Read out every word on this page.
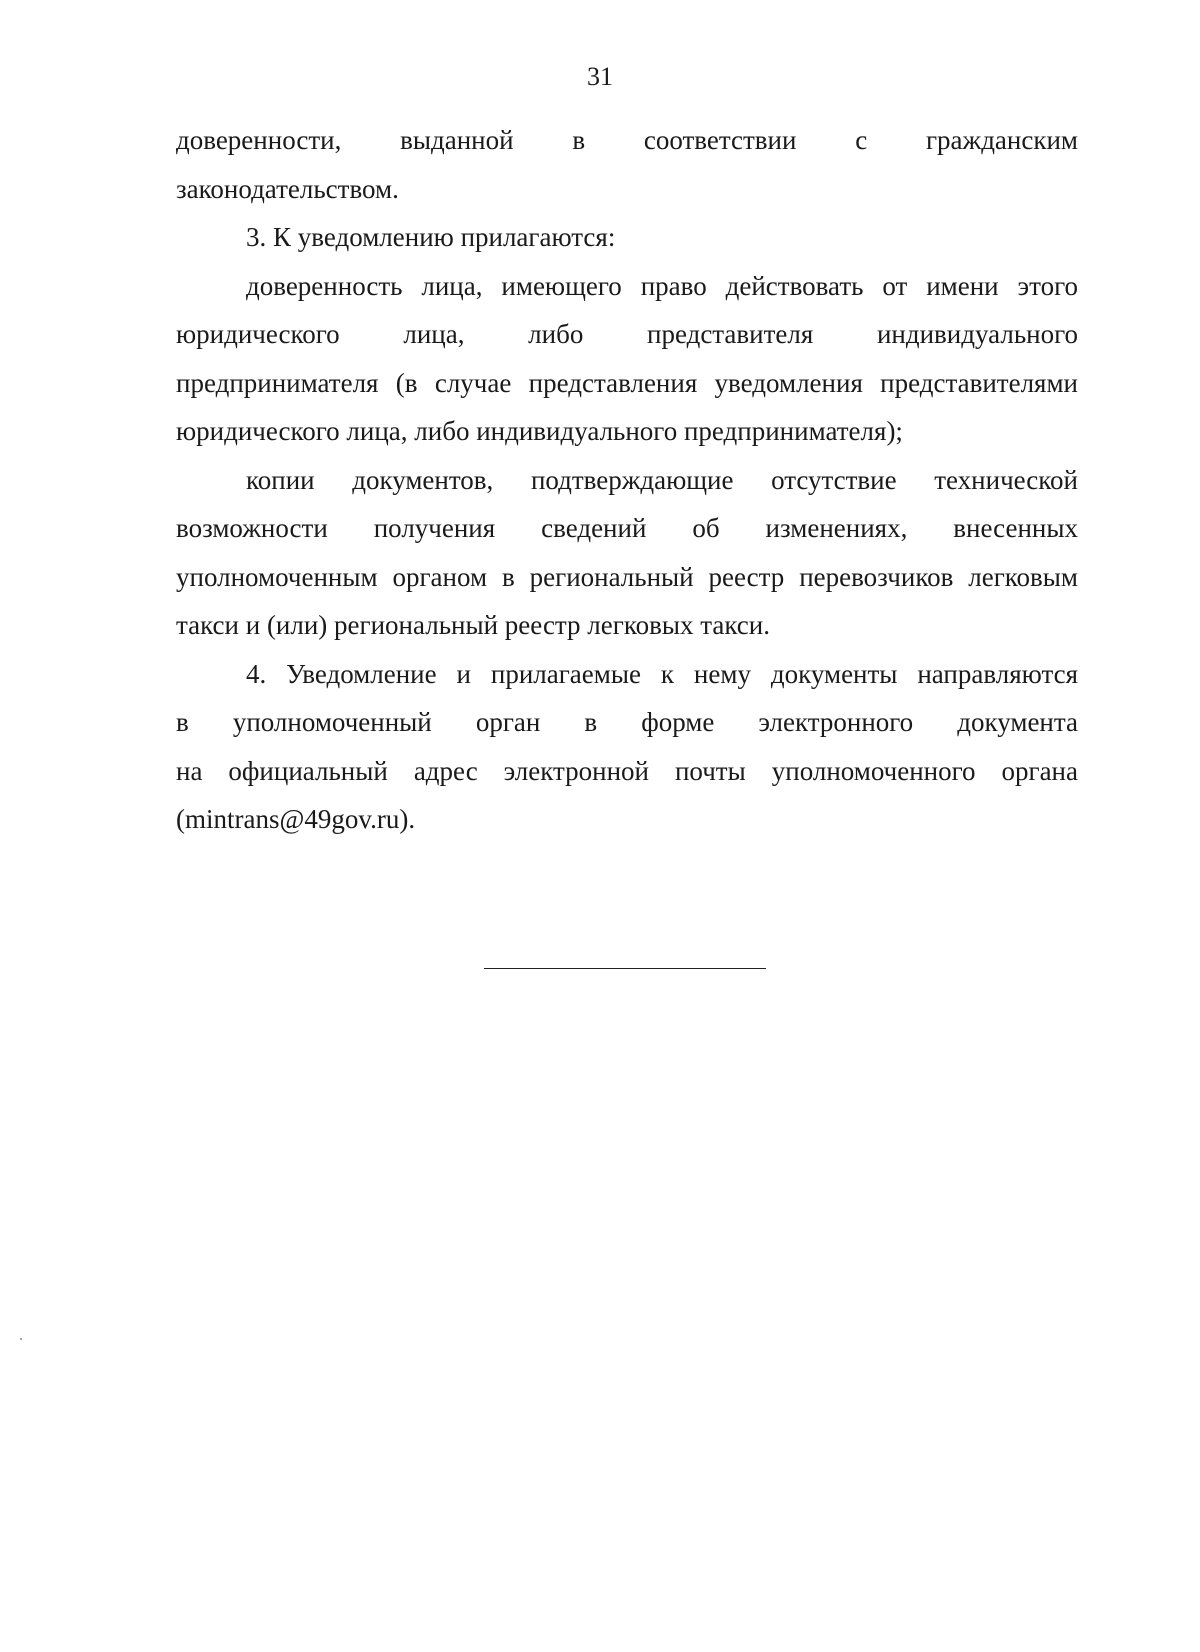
31
доверенности, выданной в соответствии с гражданским
законодательством.
3. К уведомлению прилагаются:
доверенность лица, имеющего право действовать от имени этого
юридического лица, либо представителя индивидуального
предпринимателя (в случае представления уведомления представителями
юридического лица, либо индивидуального предпринимателя);
копии документов, подтверждающие отсутствие технической
возможности получения сведений об изменениях, внесенных
уполномоченным органом в региональный реестр перевозчиков легковым
такси и (или) региональный реестр легковых такси.
4. Уведомление и прилагаемые к нему документы направляются
в уполномоченный орган в форме электронного документа
на официальный адрес электронной почты уполномоченного органа
(mintrans@49gov.ru).
